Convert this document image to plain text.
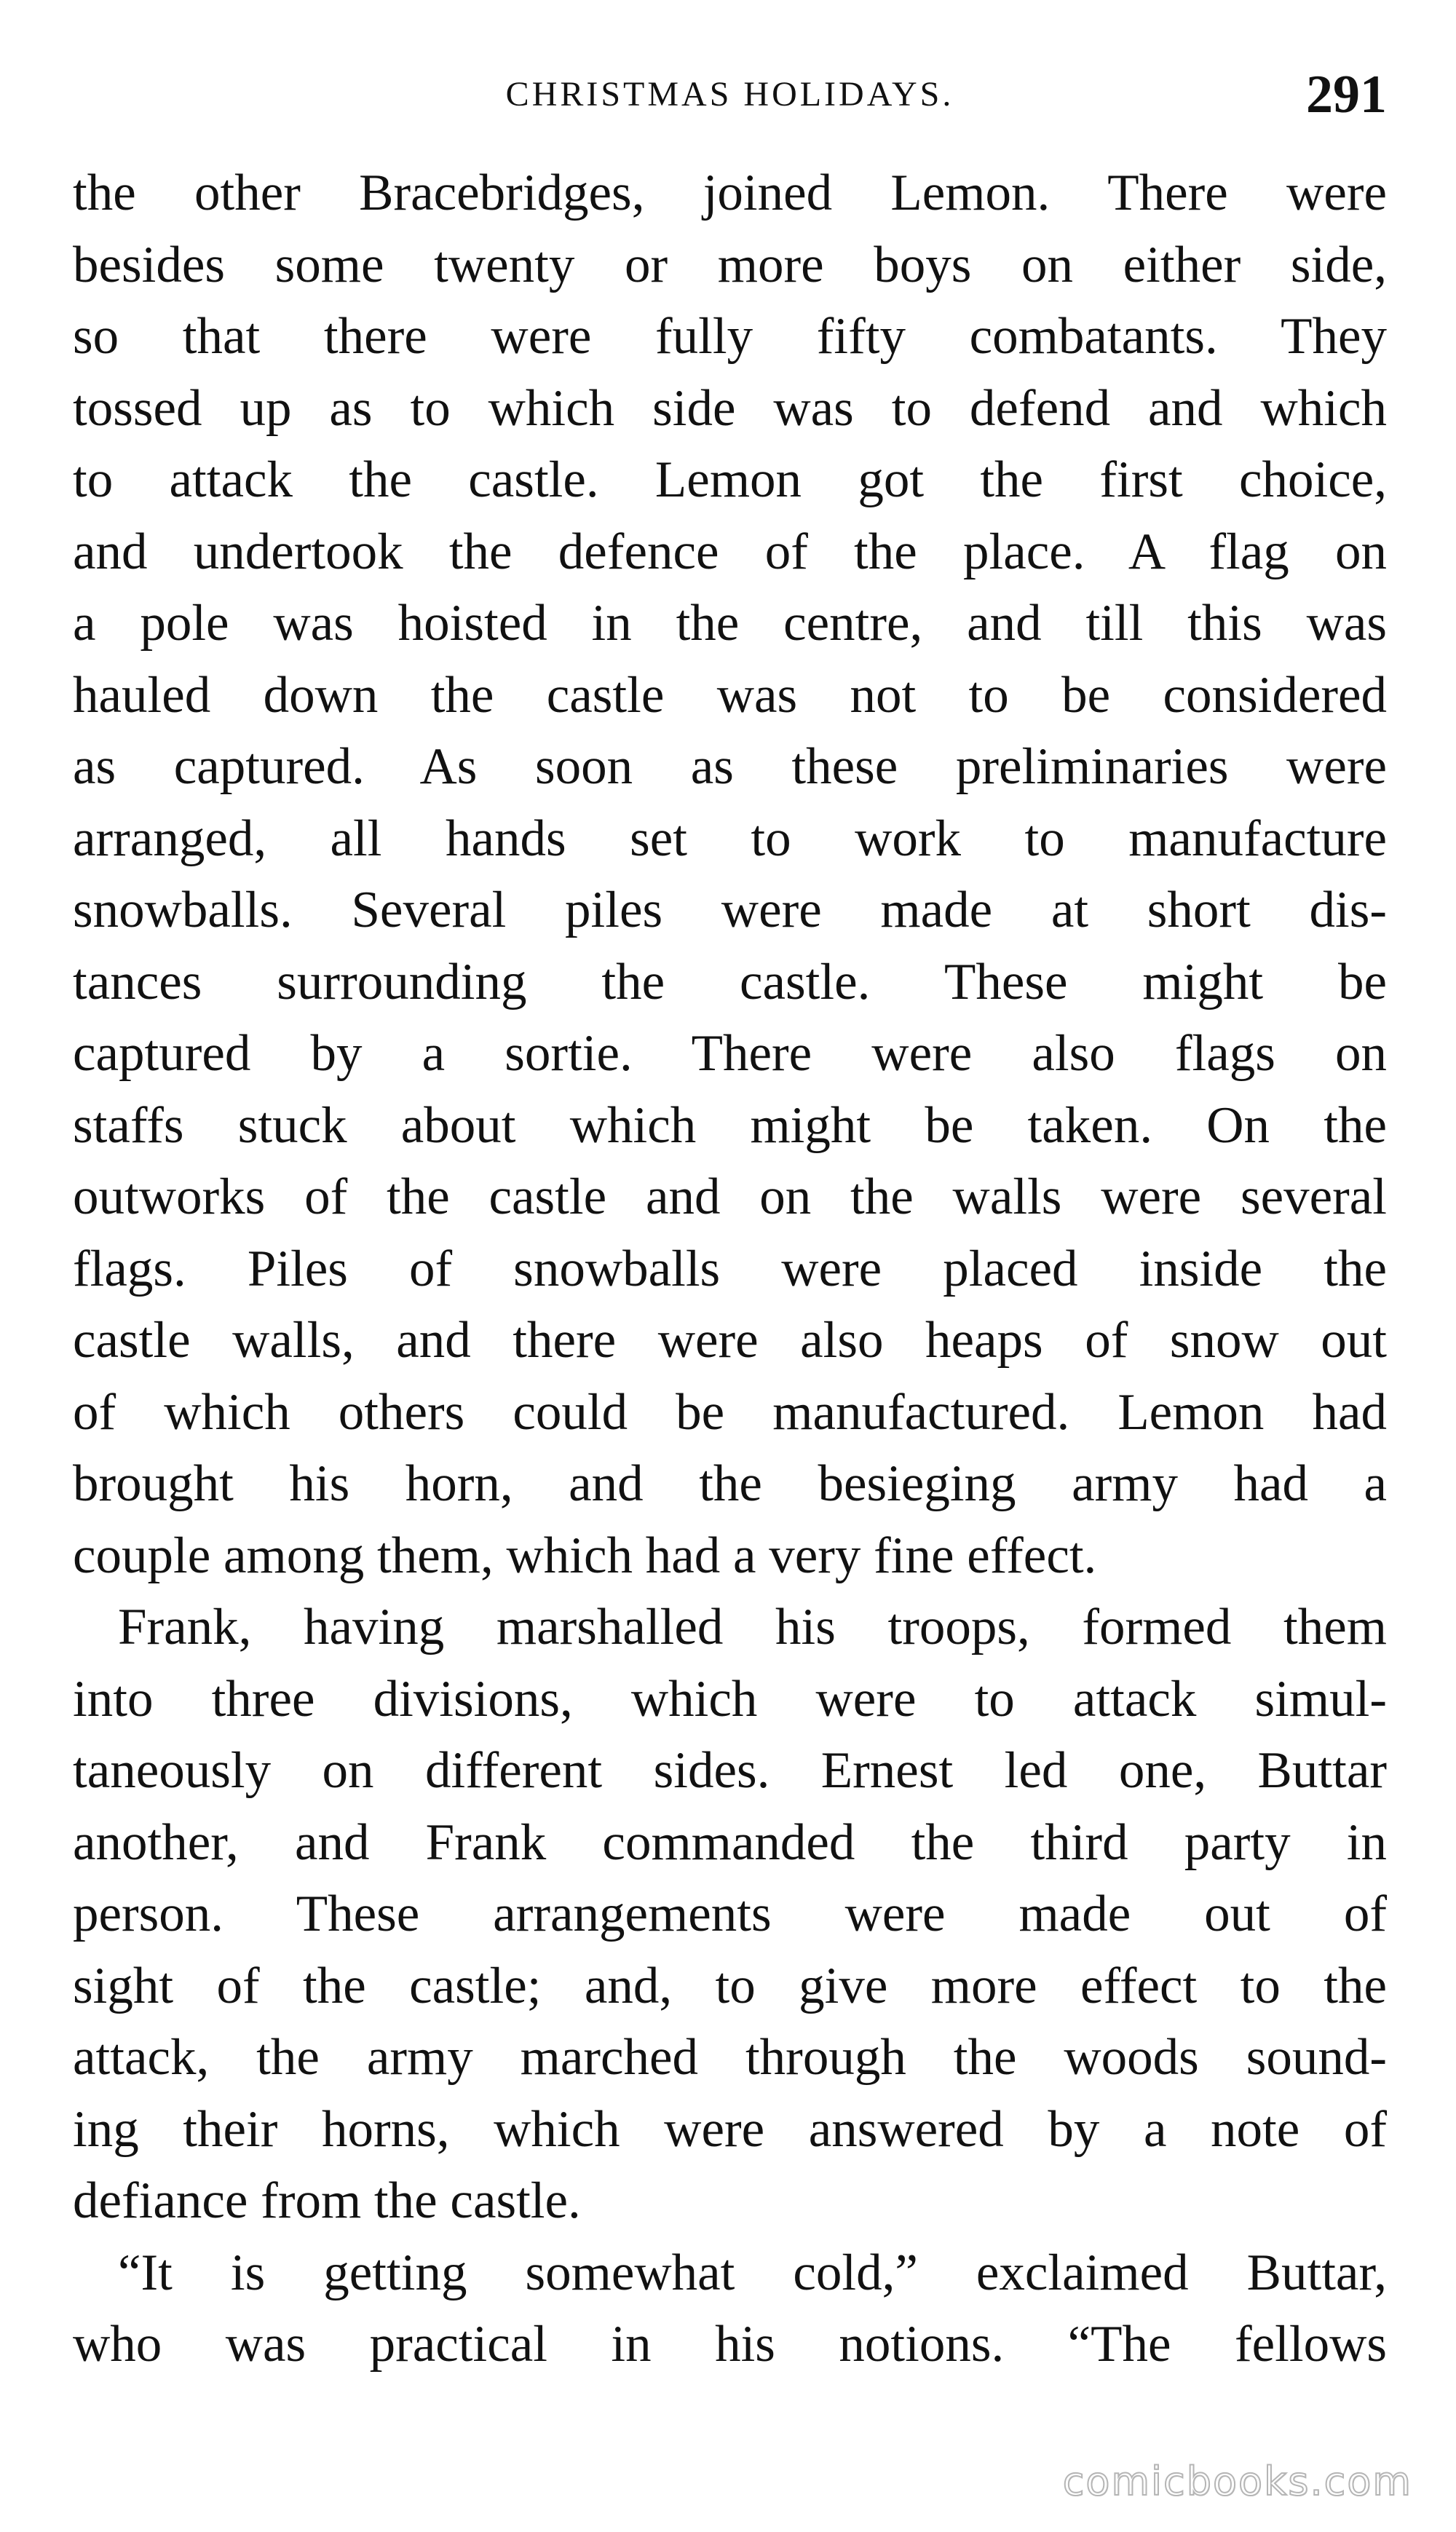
CHRISTMAS HOLIDAYS.	291
the other Bracebridges, joined Lemon. There were
besides some twenty or more boys on either side,
so that there were fully fifty combatants. They
tossed up as to which side was to defend and which
to attack the castle. Lemon got the first choice,
and undertook the defence of the place. A flag on
a pole was hoisted in the centre, and till this was
hauled down the castle was not to be considered
as captured. As soon as these preliminaries were
arranged, all hands set to work to manufacture
snowballs. Several piles were made at short dis-
tances surrounding the castle. These might be
captured by a sortie. There were also flags on
staffs stuck about which might be taken. On the
outworks of the castle and on the walls were several
flags. Piles of snowballs were placed inside the
castle walls, and there were also heaps of snow out
of which others could be manufactured. Lemon had
brought his horn, and the besieging army had a
couple among them, which had a very fine effect.
Frank, having marshalled his troops, formed them
into three divisions, which were to attack simul-
taneously on different sides. Ernest led one, Buttar
another, and Frank commanded the third party in
person. These arrangements were made out of
sight of the castle; and, to give more effect to the
attack, the army marched through the woods sound-
ing their horns, which were answered by a note of
defiance from the castle.
“It is getting somewhat cold,” exclaimed Buttar,
who was practical in his notions. “The fellows
comicbooks.com
